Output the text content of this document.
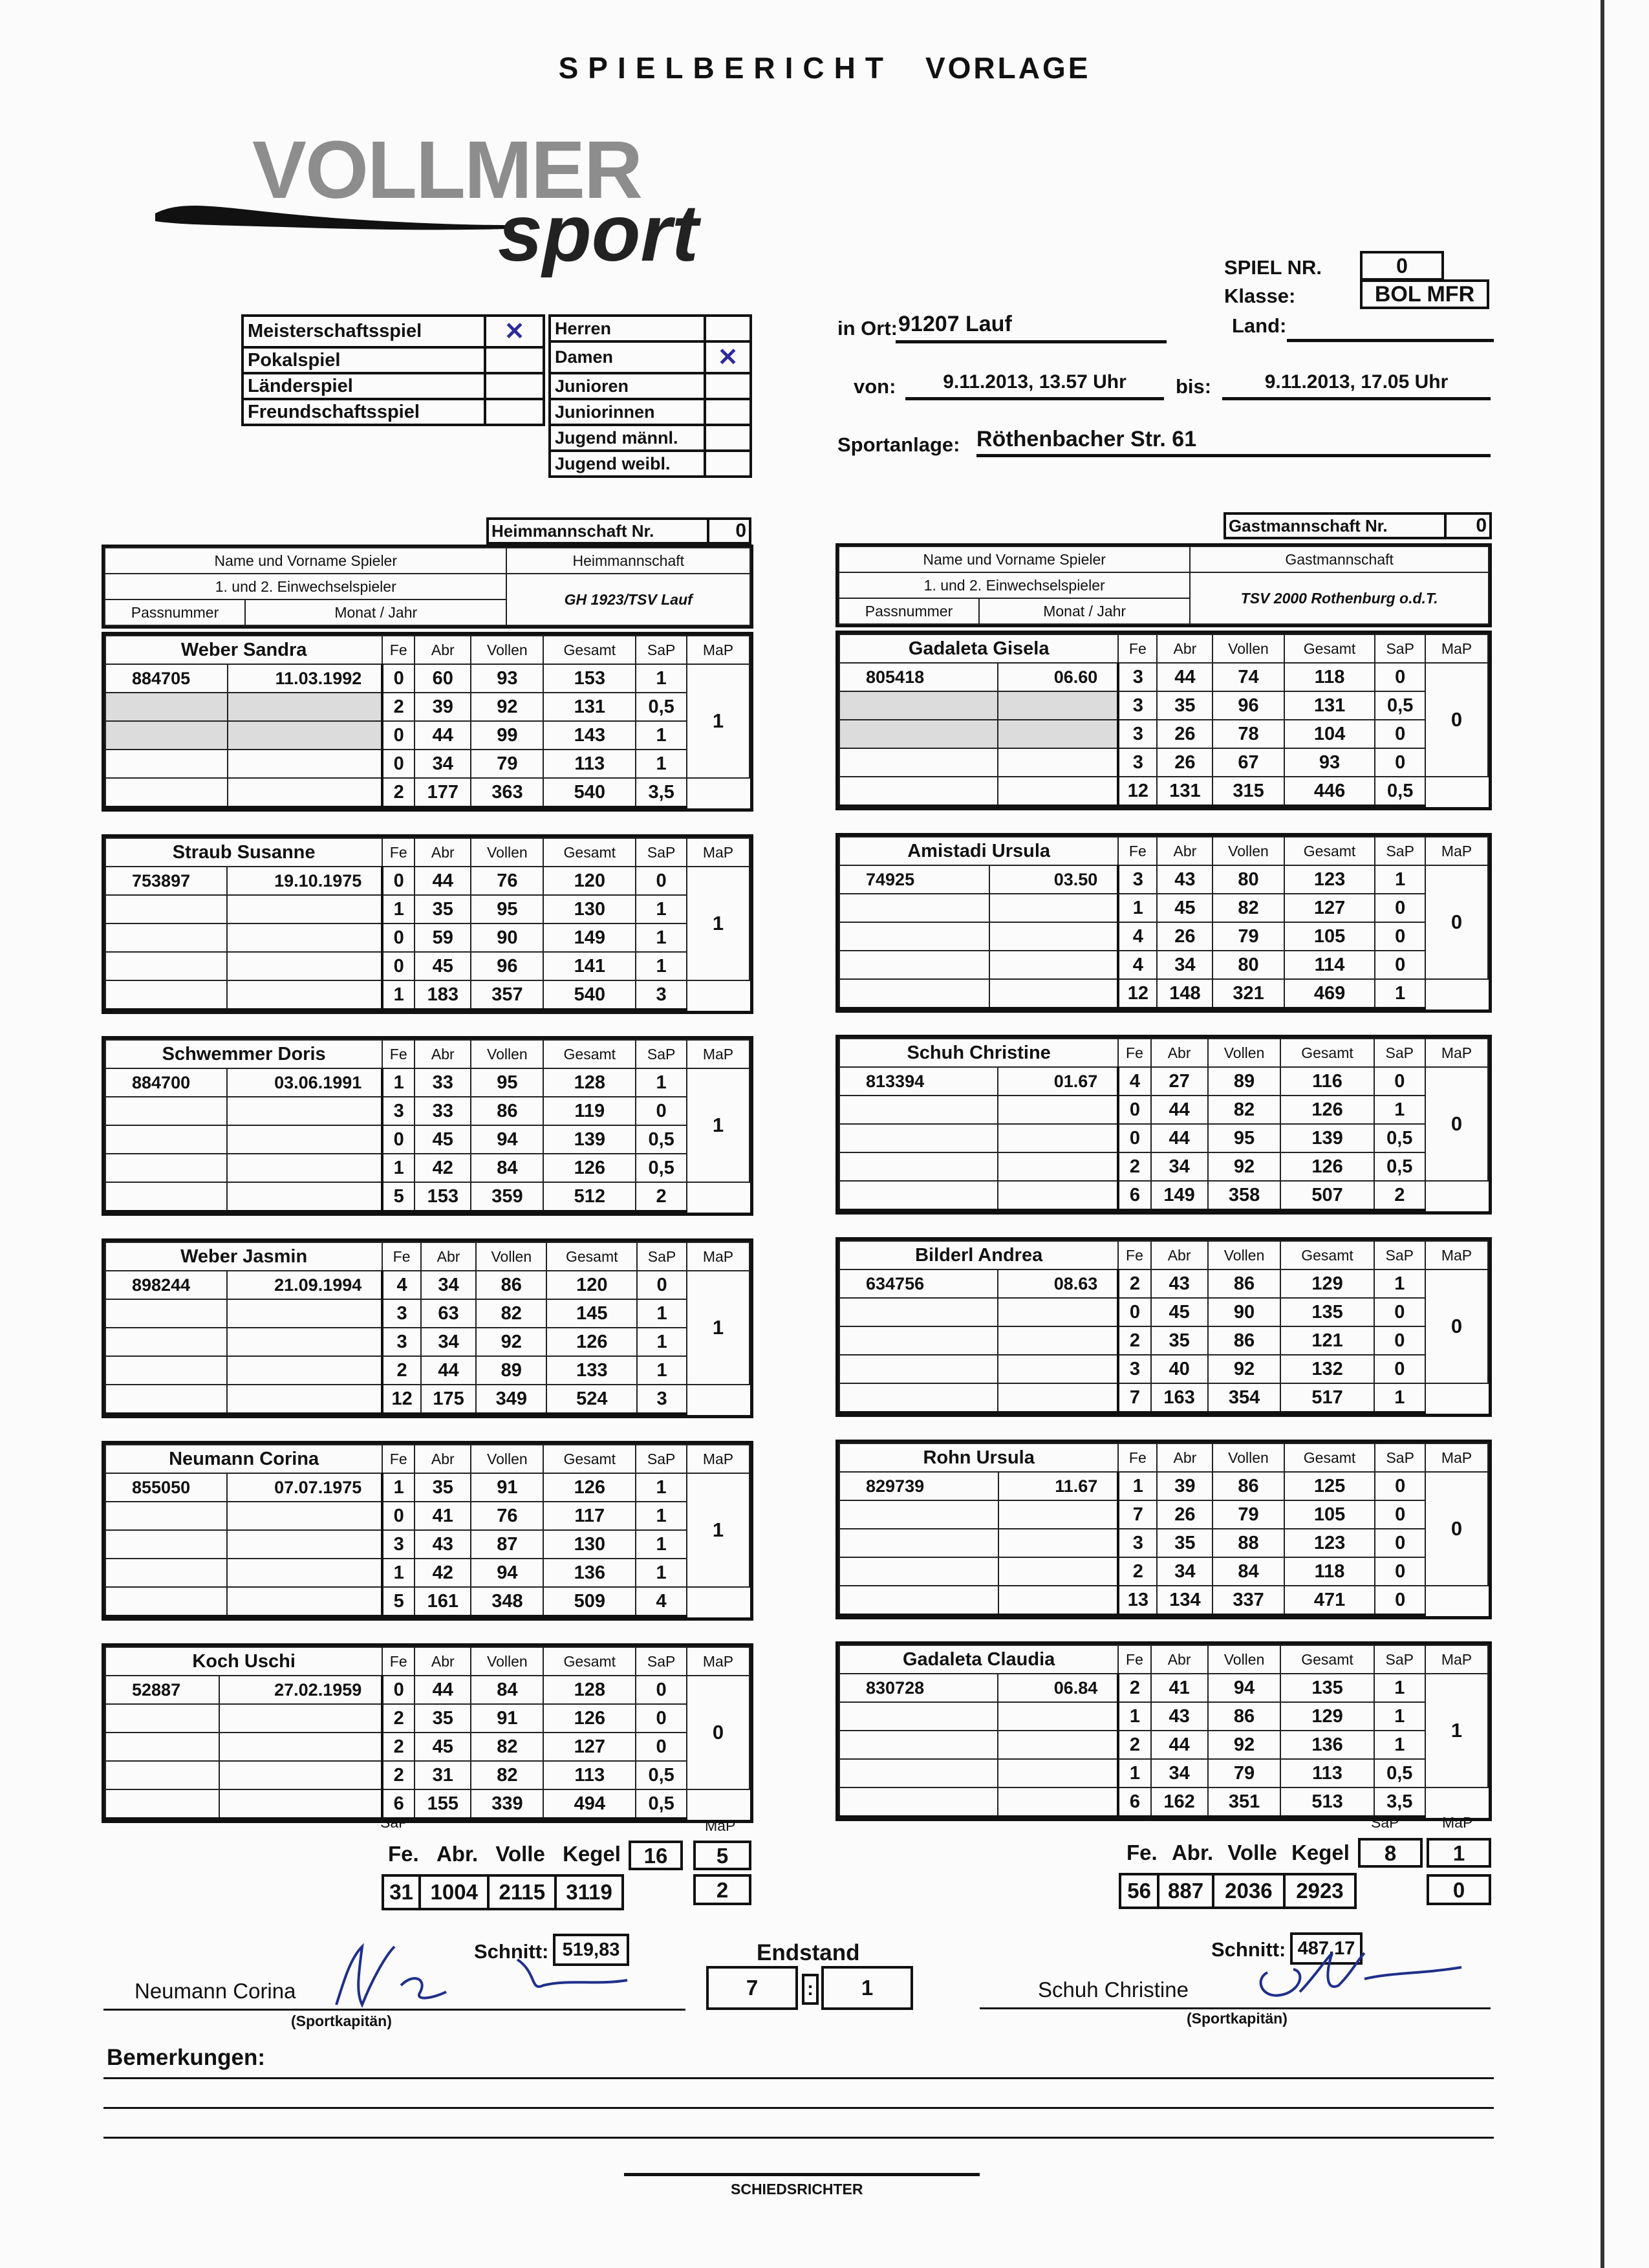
SPIELBERICHT VORLAGE
VOLLMER
sport	SPIEL NR.	0
Klasse:	BOL MFR
Land:
Meisterschaftsspiel	✕
Pokalspiel	
Länderspiel	
Freundschaftsspiel	
Herren	
Damen	✕
Junioren	
Juniorinnen	
Jugend männl.	
Jugend weibl.	
in Ort: 91207 Lauf
von:	9.11.2013, 13.57 Uhr	bis:	9.11.2013, 17.05 Uhr
Sportanlage: Röthenbacher Str. 61
Heimmannschaft Nr.	0	Gastmannschaft Nr.	0
Name und Vorname Spieler		Heimmannschaft
1. und 2. Einwechselspieler		GH 1923/TSV Lauf
Passnummer	Monat / Jahr	
Name und Vorname Spieler		Gastmannschaft
1. und 2. Einwechselspieler		TSV 2000 Rothenburg o.d.T.
Passnummer	Monat / Jahr	
Weber Sandra		Fe	Abr	Vollen	Gesamt	SaP	MaP
884705	11.03.1992	0	60	93	153	1	1
		2	39	92	131	0,5	
		0	44	99	143	1	
		0	34	79	113	1	
		2	177	363	540	3,5	
Straub Susanne		Fe	Abr	Vollen	Gesamt	SaP	MaP
753897	19.10.1975	0	44	76	120	0	1
		1	35	95	130	1	
		0	59	90	149	1	
		0	45	96	141	1	
		1	183	357	540	3	
Schwemmer Doris		Fe	Abr	Vollen	Gesamt	SaP	MaP
884700	03.06.1991	1	33	95	128	1	1
		3	33	86	119	0	
		0	45	94	139	0,5	
		1	42	84	126	0,5	
		5	153	359	512	2	
Weber Jasmin		Fe	Abr	Vollen	Gesamt	SaP	MaP
898244	21.09.1994	4	34	86	120	0	1
		3	63	82	145	1	
		3	34	92	126	1	
		2	44	89	133	1	
		12	175	349	524	3	
Neumann Corina		Fe	Abr	Vollen	Gesamt	SaP	MaP
855050	07.07.1975	1	35	91	126	1	1
		0	41	76	117	1	
		3	43	87	130	1	
		1	42	94	136	1	
		5	161	348	509	4	
Koch Uschi		Fe	Abr	Vollen	Gesamt	SaP	MaP
52887	27.02.1959	0	44	84	128	0	0
		2	35	91	126	0	
		2	45	82	127	0	
		2	31	82	113	0,5	
		6	155	339	494	0,5	
Gadaleta Gisela		Fe	Abr	Vollen	Gesamt	SaP	MaP
805418	06.60	3	44	74	118	0	0
		3	35	96	131	0,5	
		3	26	78	104	0	
		3	26	67	93	0	
		12	131	315	446	0,5	
Amistadi Ursula		Fe	Abr	Vollen	Gesamt	SaP	MaP
74925	03.50	3	43	80	123	1	0
		1	45	82	127	0	
		4	26	79	105	0	
		4	34	80	114	0	
		12	148	321	469	1	
Schuh Christine		Fe	Abr	Vollen	Gesamt	SaP	MaP
813394	01.67	4	27	89	116	0	0
		0	44	82	126	1	
		0	44	95	139	0,5	
		2	34	92	126	0,5	
		6	149	358	507	2	
Bilderl Andrea		Fe	Abr	Vollen	Gesamt	SaP	MaP
634756	08.63	2	43	86	129	1	0
		0	45	90	135	0	
		2	35	86	121	0	
		3	40	92	132	0	
		7	163	354	517	1	
Rohn Ursula		Fe	Abr	Vollen	Gesamt	SaP	MaP
829739	11.67	1	39	86	125	0	0
		7	26	79	105	0	
		3	35	88	123	0	
		2	34	84	118	0	
		13	134	337	471	0	
Gadaleta Claudia		Fe	Abr	Vollen	Gesamt	SaP	MaP
830728	06.84	2	41	94	135	1	1
		1	43	86	129	1	
		2	44	92	136	1	
		1	34	79	113	0,5	
		6	162	351	513	3,5	
SaP	MaP
Fe. Abr. Volle Kegel	16	5
31	1004	2115	3119	2
SaP	MaP
Fe. Abr. Volle Kegel	8	1
56	887	2036	2923	0
Schnitt: 519,83	Schnitt: 487,17
Endstand
7	:	1
Neumann Corina
(Sportkapitän)
Schuh Christine
(Sportkapitän)
Bemerkungen:
SCHIEDSRICHTER
